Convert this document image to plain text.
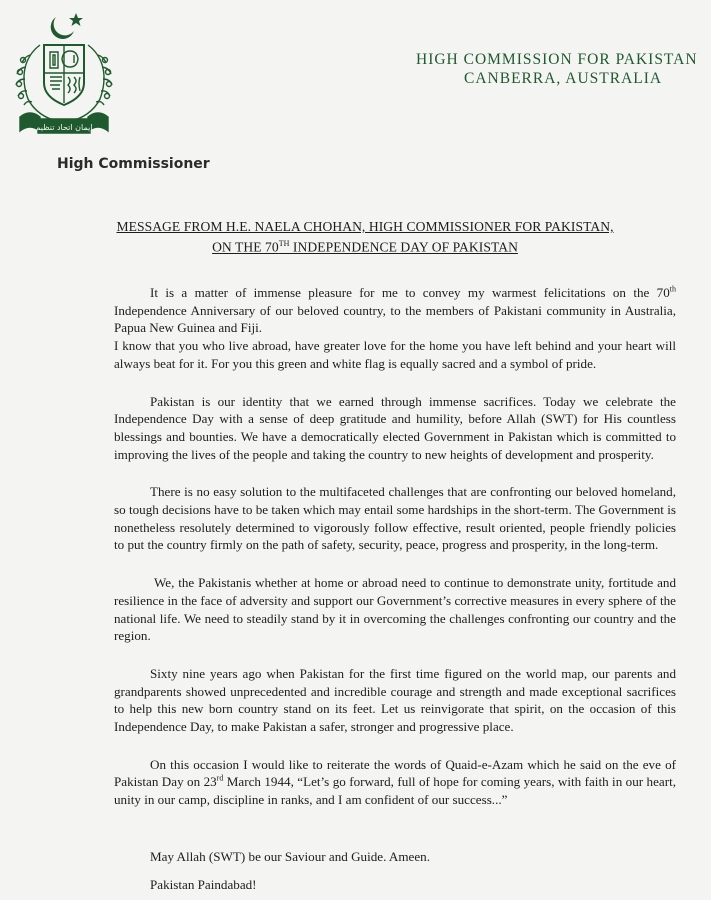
ایمان اتحاد تنظیم
HIGH COMMISSION FOR PAKISTAN
CANBERRA, AUSTRALIA
High Commissioner
MESSAGE FROM H.E. NAELA CHOHAN, HIGH COMMISSIONER FOR PAKISTAN,
ON THE 70TH INDEPENDENCE DAY OF PAKISTAN

It is a matter of immense pleasure for me to convey my warmest felicitations on the 70th Independence Anniversary of our beloved country, to the members of Pakistani community in Australia, Papua New Guinea and Fiji.

I know that you who live abroad, have greater love for the home you have left behind and your heart will always beat for it. For you this green and white flag is equally sacred and a symbol of pride.

Pakistan is our identity that we earned through immense sacrifices. Today we celebrate the Independence Day with a sense of deep gratitude and humility, before Allah (SWT) for His countless blessings and bounties. We have a democratically elected Government in Pakistan which is committed to improving the lives of the people and taking the country to new heights of development and prosperity.

There is no easy solution to the multifaceted challenges that are confronting our beloved homeland, so tough decisions have to be taken which may entail some hardships in the short-term. The Government is nonetheless resolutely determined to vigorously follow effective, result oriented, people friendly policies to put the country firmly on the path of safety, security, peace, progress and prosperity, in the long-term.

We, the Pakistanis whether at home or abroad need to continue to demonstrate unity, fortitude and resilience in the face of adversity and support our Government’s corrective measures in every sphere of the national life. We need to steadily stand by it in overcoming the challenges confronting our country and the region.

Sixty nine years ago when Pakistan for the first time figured on the world map, our parents and grandparents showed unprecedented and incredible courage and strength and made exceptional sacrifices to help this new born country stand on its feet. Let us reinvigorate that spirit, on the occasion of this Independence Day, to make Pakistan a safer, stronger and progressive place.

On this occasion I would like to reiterate the words of Quaid-e-Azam which he said on the eve of Pakistan Day on 23rd March 1944, “Let’s go forward, full of hope for coming years, with faith in our heart, unity in our camp, discipline in ranks, and I am confident of our success...”

May Allah (SWT) be our Saviour and Guide. Ameen.
Pakistan Paindabad!
